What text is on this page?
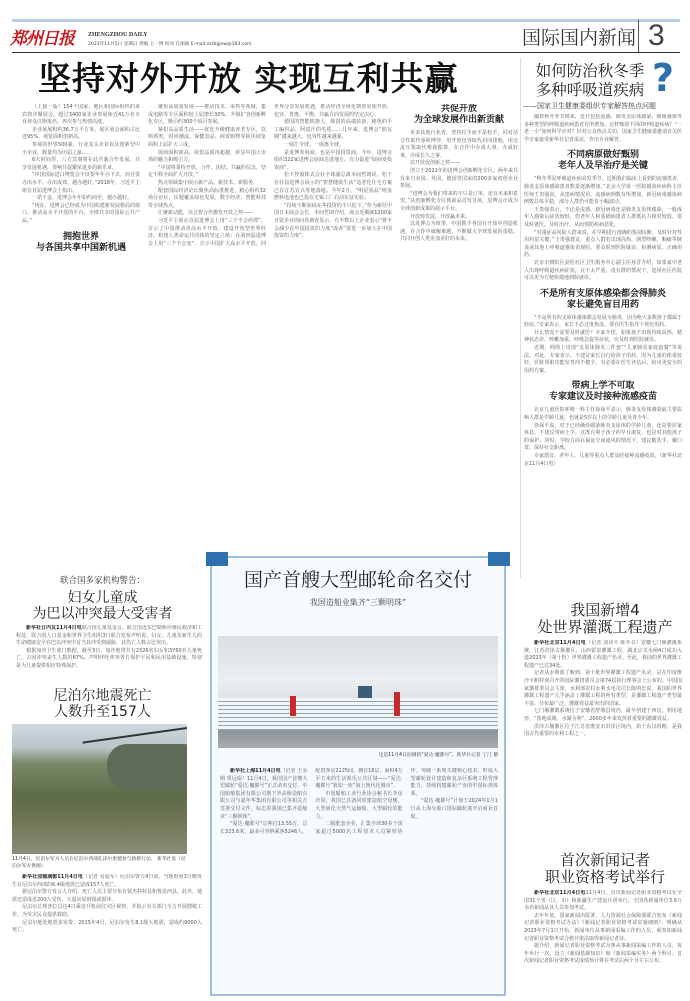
郑州日报 ZHENGZHOU DAILY
2023年11月5日 星期日 责编 王一博 校对 孔丽丽 E-mail:zzrbgjxw@163.com	国际国内新闻 3
坚持对外开放 实现互利共赢

（上接一版）154个国家、地区和国际组织的来宾将齐聚展会，超过3400家企业参展和近41万名专业观众注册报名，再次参与热情高涨。

企业展展积约36.7万平方米，展区展会面积占比近95%，展览面积创新高。

参展的世界500强、行业龙头企业以及创新型中小企业，数量均为历届之最……

6天时间里，八方宾朋将在此共襄合作发展，共享发展机遇，奏响共促繁荣进步的新乐章。

“中国国际进口博览会不仅要年年办下去，而且要办出水平、办出成效、越办越好。”2018年，习近平主席在首届进博会上指出。

一诺千金，进博会年年如约而至，越办越好。

“现在，进博会已经成为中国构建新发展格局的窗口、推动高水平开放的平台、全球共享的国际公共产品。”

拥抱世界
与各国共享中国新机遇

聚焦高质量发展——推动技术、零售等领域，集成电路等专区面积较上届增长30%，升级扩容创新孵化专区，吸引约300个项目参展。

紧扣高品质生活——优化升级健康养老专区，饮料酒类、时尚潮流、保健食品、商贸购物等板块展览面积上届扩大三成。

展商面积新高，展览品质再超越，彰显中国大市场的魅力和吸引力。

“中国将秉持开放、合作、团结、共赢的信念，坚定不移全面扩大开放。”

热点领域集中展示新产品、新技术、新服务。

配套国际经济论坛聚焦高标准推进，精心组织32场分论坛，议题覆盖绿色发展、数字经济、智能科技等全球热点。

汇聚新动能，以合智合作激发开放之势——

习近平主席在首届进博会上用“三个不会停滞”，宣示了中国推动更高水平开放、建设开放型世界经济、构建人类命运共同体的坚定立场；在第四届进博会上用“三个不会变”，宣示中国扩大高水平开放，同世界分享发展机遇，推动经济全球化朝着更加开放、包容、普惠、平衡、共赢方向发展的坚定决心。

德国的智能机器人、韩国的高端装备、秘鲁的手工编织品、阿富汗的毛毯……几年来，进博会“朋友圈”越来越大，包容性越来越强。

一展汇全球，一展惠全球。

是进博参展商，也是中国投资商。今年，进博会组织322家进博会展商走进地方，有力促进“展商变投资商”。

松下控股株式会社全球副总裁本间哲朗说，松下在往届进博会展示的“智慧健康生活”适老化住宅方案已在江苏宜兴等地落地。今年2月，“明星展品”纯氢燃料电池也已投在无锡工厂启动实证实验。

“持续不断加码在华投资的不只松下。”作为新任中国日本商会会长，本间哲朗介绍，商会近期就1200家日资企业的问卷调查显示，有半数以上企业表示“将不会减少在中国投资的力度”或者“要进一步加大在中国投资的力度”。

共促开放
为全球发展作出新贡献

更多其他行业者，坚持拉手而不是松手，同对话合作取代零和博弈，用开放包容取代封闭排他，用交流互鉴取代唯我独尊，在合作中办成大事，办成好事，办成长久之事。

以开放促创新之势——

创立于2021年的进博会创新孵化专区，两年来共有来自美国、英国、德国等国家的200多家初创企业参展。

“进博会为我们带来的不只是订单，还有未来和希望。”从创新孵化专区到新品首发首展，进博会正成为全球创新成果的展示平台。

开放铸发展，开放赢未来。

以进博会为纽带，中国携手各国在开放中创造机遇，在合作中破解难题，不断做大全球发展的蛋糕，共同开创人类更加美好的未来。

如何防治秋冬季
多种呼吸道疾病 ?
——国家卫生健康委组织专家解答热点问题

随着秋冬季节到来，近日包括流感、肺炎支原体感染、细菌感染等多种类型的呼吸道疾病患者有所增加。怎样甄别不同的呼吸道疾病？“一老一小”如何科学应对？针对公众热点关切，国家卫生健康委邀请有关医学专家接受新华社记者采访，作出专业解答。

不同病原做好甄别
老年人及早治疗是关键

“秋冬季是呼吸道疾病高发季节，近期我们临床上看到的流感患者、肺炎支原体感染患者数量逐渐增加。”北京大学第一医院感染疾病科主任医师王贵强说，从患病情况看，流感病例数有所增加，新冠病毒感染病例数总体平稳，部分人群仍可能有小幅波动。

王贵强表示，不论是流感、新冠病毒还是肺炎支原体感染，一般成年人感染后症状较轻，但老年人和基础病患者人群抵抗力相对较弱，要及时就医，及时治疗，从而预防疾病恶化。

“对重症高风险人群来说，在早期进行准确的鉴别诊断，及时针对性用药很关键。”王贵强建议，重点人群若出现高热、剧烈咳嗽、咽痛等肺炎或其他上呼吸道感染表现时，要及时到医院就诊，检测病原，正确用药。

北京市朝阳区劲松社区卫生服务中心副主任孙晋介绍，如果家中老人出现呼吸道疾病症状，在不太严重、没有群的情况下，选择社区医院可以更为方便快捷地到院就诊。

不是所有支原体感染都会得肺炎
家长避免盲目用药

“不是所有的支原体感染都会发展为肺炎，因为绝大多数孩子都属于轻症。”专家表示，家长不必过度焦虑，要在医生指导下规范用药。

什么情况下需要及时就医？专家介绍，如果孩子出现持续高热、精神状态差、咳嗽加重、呼吸急促等症状，应及时到医院就诊。

近期，网络上出现“支原体肺炎三件套”“儿童肺炎家庭套餐”等说法。对此，专家表示，不建议家长自行给孩子用药，因为儿童的体重较轻，肝脏肾脏功能发育尚不健全，有必要在医生评估后，给出更安全的用药方案。

带病上学不可取
专家建议及时接种流感疫苗

北京儿童医院呼吸一科主任徐保平表示，肺炎支原体感染最主要影响人群是学龄儿童，也就是5岁以上的学龄儿童及青少年。

徐保平说，对于已经确诊感染肺炎支原体的学龄儿童，还是要居家休息，不建议带病上学。这既有利于孩子的早日康复，也是对其他孩子的保护。同时，学校方面在保证空间通风的情况下，建议勤洗手、戴口罩，保持社交距离。

专家建议，老年人、儿童等重点人群及时接种流感疫苗。（新华社北京11月4日电）

联合国多家机构警告：
妇女儿童成
为巴以冲突最大受害者

新华社日内瓦11月4日电联合国儿童基金会、联合国近东巴勒斯坦难民救济和工程处、联合国人口基金和世界卫生组织3日联合发布声明说，妇女、儿童及新生儿的生命健康安全在巴以冲突中首当其冲受到威胁，其伤亡人数占比突出。

根据加沙卫生部门数据，截至3日，加沙地带共有2326名妇女和3760名儿童死亡，占因冲突丧生人数的67%。声明呼吁冲突各方保护平民和民用基础设施，特别是为儿童提供相应特殊保护。

尼泊尔地震死亡
人数升至157人
11月4日，尼泊尔军方人员在尼泊尔西部扎泽尔果德参与救援行动。 新华社发（尼泊尔军方供图）

新华社加德满都11月4日电（记者 易爱军）尼泊尔警方4日说，当地时间3日晚发生在尼泊尔西部的6.4级地震已造成157人死亡。

据尼泊尔警方发言人介绍，死亡人员主要分布在贾杰科特县和鲁昆西县。此外，地震还造成近200人受伤，大量房屋倒塌或损坏。

尼泊尔总理普拉昌达4日乘直升机前往灾区视察，并指示有关部门全力开展搜救工作，为受灾民众提供救助。

尼泊尔地处地震多发带。2015年4月，尼泊尔发生8.1级大地震，造成约9000人死亡。

国产首艘大型邮轮命名交付
我国造船业集齐“三颗明珠”
这是11月4日拍摄的“爱达·魔都号”。新华社记者 丁汀 摄

新华社上海11月4日电（记者 王永刚 贾远琨）11月4日，我国国产首艘大型邮轮“爱达·魔都号”正式命名交付。中国船舶集团有限公司旗下外高桥造船有限公司与嘉年华集团有限公司等相关方签署交付文件，标志着我国已集齐造船业“三颗明珠”。

“爱达·魔都号”总吨位13.55万，总长323.6米，最多可容纳乘客5246人，配置客房2125间，拥有16层，面积4万平方米的生活娱乐公共区域——“爱达·魔都号”犹如一座“海上现代化城市”。

中国船舶工业行业协会秘书长李彦庆说，我国已具备同时建造航空母舰、大型液化天然气运输船、大型邮轮的能力。

二级配套企业，汇集全球30多个国家超过5000名工程技术人员紧密协作，突破一系列关键核心技术，形成大型邮轮设计建造和复杂巨系统工程管理能力，持续构建邮轮产业的中国标准体系。

“爱达·魔都号”计划于2024年1月1日从上海吴淞口国际邮轮港开启商业首航。

我国新增4
处世界灌溉工程遗产

新华社北京11月4日电（记者 刘诗平 陈冬书）安徽七门堰灌溉系统、江苏洪泽古堰灌区、山西霍泉灌溉工程、湖北宗关水闸4日成功入选2023年（第十批）世界灌溉工程遗产名录。至此，我国的世界灌溉工程遗产已达34处。

记者从水利部了解到，第十批世界灌溉工程遗产名录，是在印度维沙卡帕特南召开的国际灌排委员会第74届执行理事会上公布的。中国国家灌排委员会主席、水利部农村水利水电司司长陈明忠说，我国的世界灌溉工程遗产几乎涵盖了灌溉工程的所有类型，是灌溉工程遗产类型最丰富、分布最广泛、灌溉效益最突出的国家。

七门堰灌溉系统位于安徽省舒城县境内，最早创建于西汉，利用地形，“凿地成堰，水聚为利”，2000多年来发挥着重要的灌溉效益。

洪泽古堰灌区位于江苏省淮安市洪泽区境内，始于东汉时期，是我国古代重要的水利工程之一。

首次新闻记者
职业资格考试举行

新华社北京11月4日电11月4日，首次新闻记者职业资格考试在全国31个省（区、市）和新疆生产建设兵团举行，全国各新闻单位3.9万余名新闻从业人员参加考试。

去年年底，国家新闻出版署、人力资源社会保障部联合发布《新闻记者职业资格考试办法》《新闻记者职业资格考试实施细则》，明确从2023年7月1日开始，新闻单位从事新闻采编工作的人员，须参加新闻记者职业资格考试合格并依法取得新闻记者证。

据介绍，新闻记者职业资格考试为条从事新闻采编工作的人员，每年举行一次，设立《新闻基础知识》和《新闻采编实务》两个科目。首次新闻记者职业资格考试成绩预计将在考试后两个月左右公布。
